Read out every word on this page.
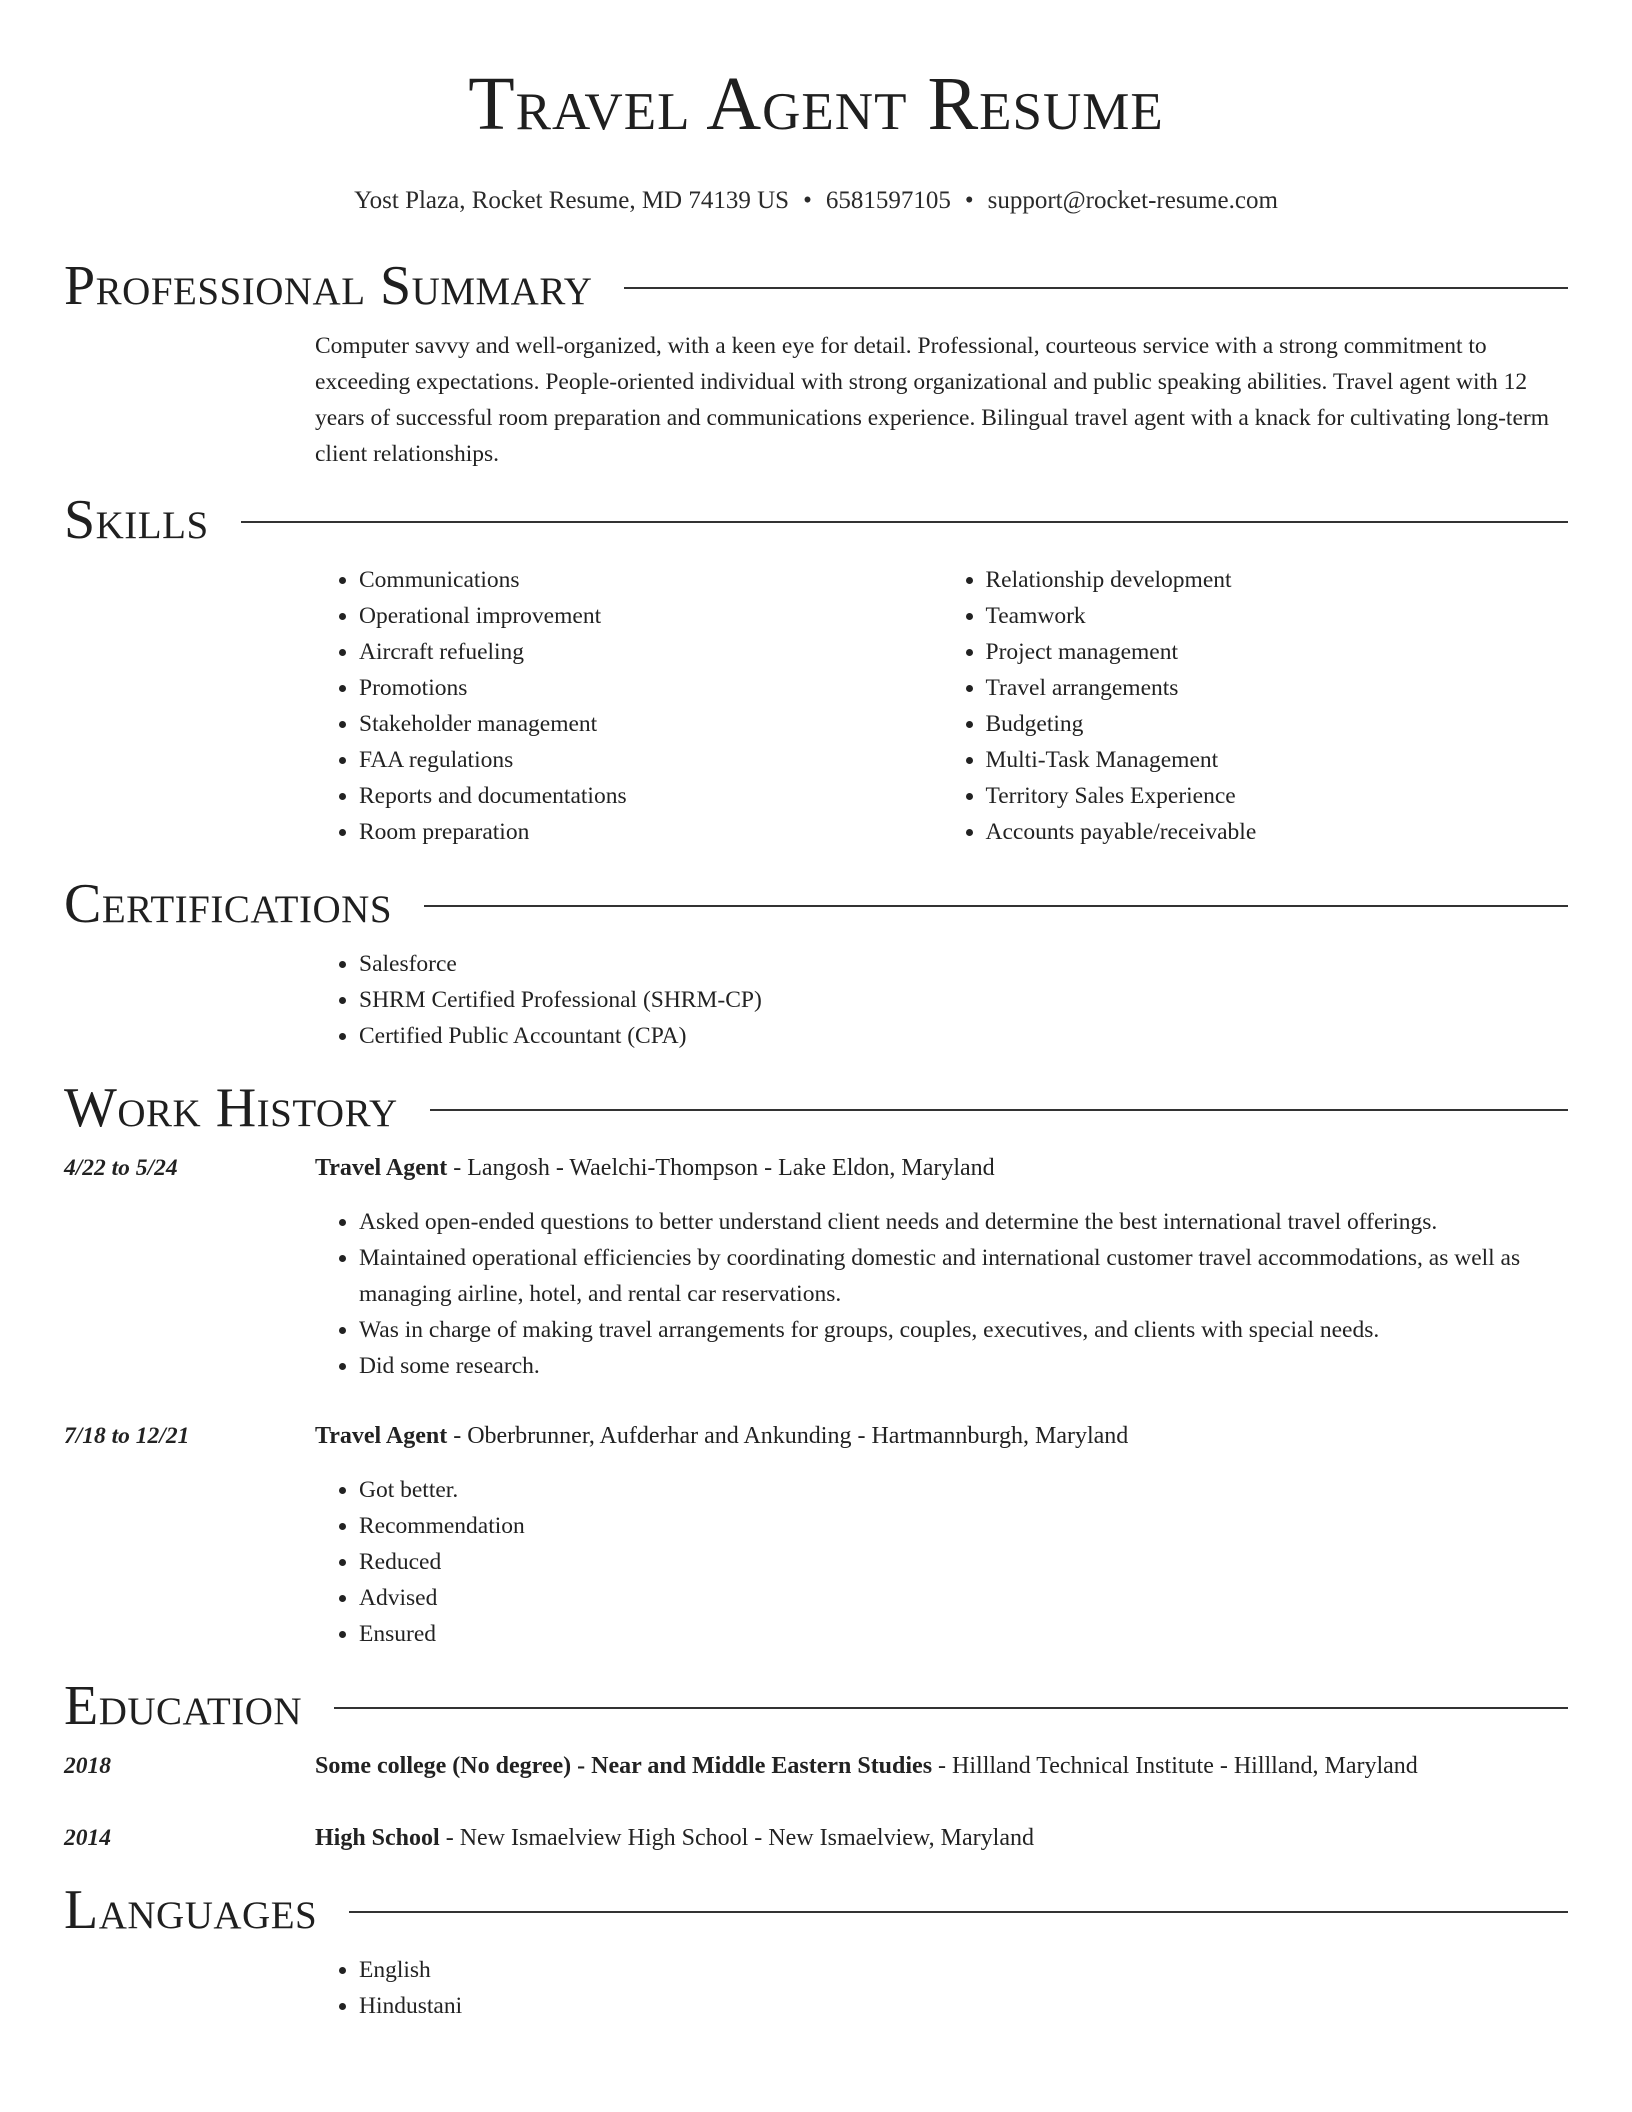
Travel Agent Resume
Yost Plaza, Rocket Resume, MD 74139 US • 6581597105 • support@rocket-resume.com
Professional Summary

Computer savvy and well-organized, with a keen eye for detail. Professional, courteous service with a strong commitment to exceeding expectations. People-oriented individual with strong organizational and public speaking abilities. Travel agent with 12 years of successful room preparation and communications experience. Bilingual travel agent with a knack for cultivating long-term client relationships.

Skills
• Communications
• Operational improvement
• Aircraft refueling
• Promotions
• Stakeholder management
• FAA regulations
• Reports and documentations
• Room preparation
• Relationship development
• Teamwork
• Project management
• Travel arrangements
• Budgeting
• Multi-Task Management
• Territory Sales Experience
• Accounts payable/receivable
Certifications
• Salesforce
• SHRM Certified Professional (SHRM-CP)
• Certified Public Accountant (CPA)
Work History
4/22 to 5/24	Travel Agent - Langosh - Waelchi-Thompson - Lake Eldon, Maryland
• Asked open-ended questions to better understand client needs and determine the best international travel offerings.
• Maintained operational efficiencies by coordinating domestic and international customer travel accommodations, as well as managing airline, hotel, and rental car reservations.
• Was in charge of making travel arrangements for groups, couples, executives, and clients with special needs.
• Did some research.
7/18 to 12/21	Travel Agent - Oberbrunner, Aufderhar and Ankunding - Hartmannburgh, Maryland
• Got better.
• Recommendation
• Reduced
• Advised
• Ensured
Education
2018	Some college (No degree) - Near and Middle Eastern Studies - Hillland Technical Institute - Hillland, Maryland
2014	High School - New Ismaelview High School - New Ismaelview, Maryland
Languages
• English
• Hindustani
